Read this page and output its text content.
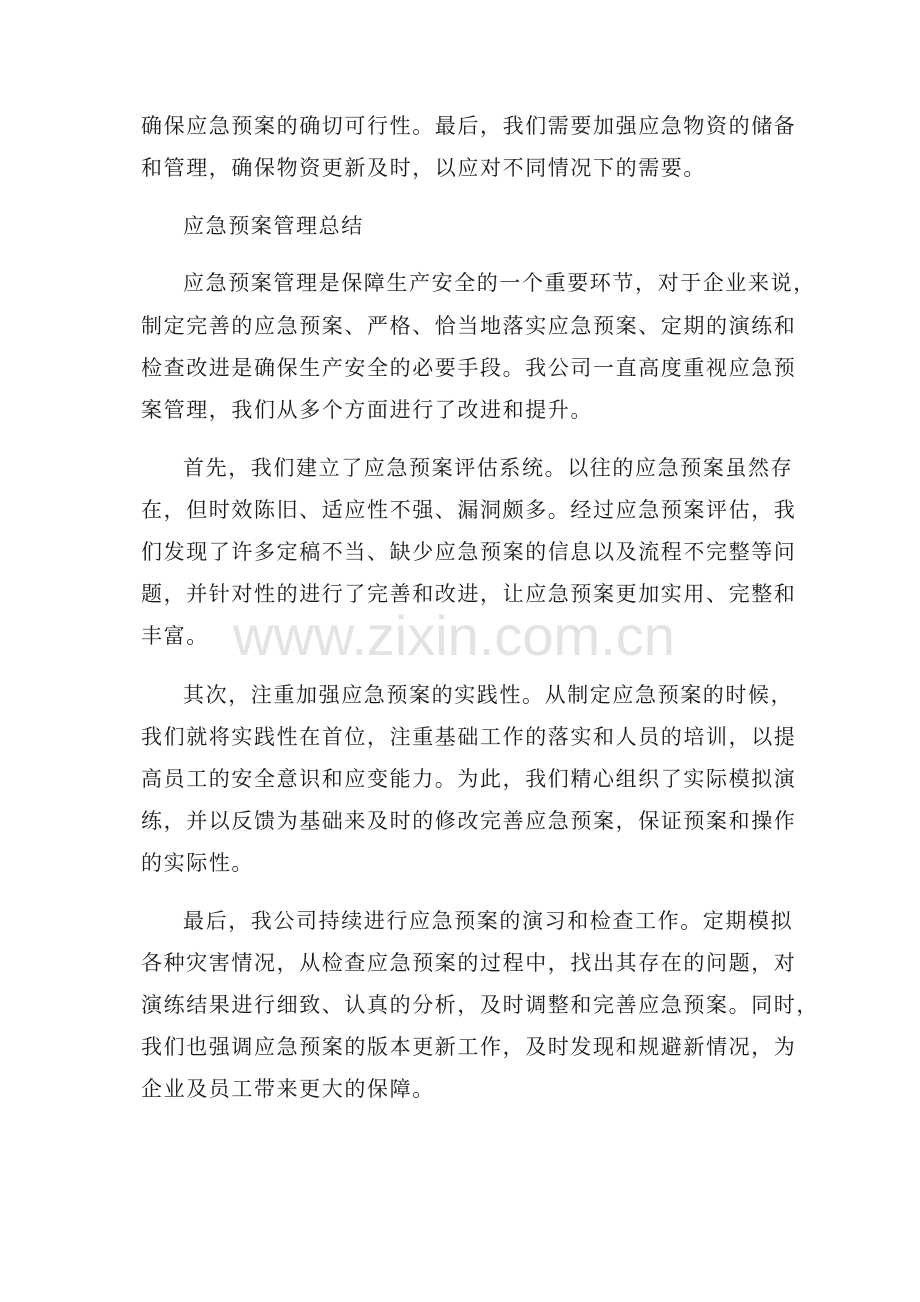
www.zixin.com.cn
确保应急预案的确切可行性。最后，我们需要加强应急物资的储备
和管理，确保物资更新及时，以应对不同情况下的需要。
应急预案管理总结
应急预案管理是保障生产安全的一个重要环节，对于企业来说，
制定完善的应急预案、严格、恰当地落实应急预案、定期的演练和
检查改进是确保生产安全的必要手段。我公司一直高度重视应急预
案管理，我们从多个方面进行了改进和提升。
首先，我们建立了应急预案评估系统。以往的应急预案虽然存
在，但时效陈旧、适应性不强、漏洞颇多。经过应急预案评估，我
们发现了许多定稿不当、缺少应急预案的信息以及流程不完整等问
题，并针对性的进行了完善和改进，让应急预案更加实用、完整和
丰富。
其次，注重加强应急预案的实践性。从制定应急预案的时候，
我们就将实践性在首位，注重基础工作的落实和人员的培训，以提
高员工的安全意识和应变能力。为此，我们精心组织了实际模拟演
练，并以反馈为基础来及时的修改完善应急预案，保证预案和操作
的实际性。
最后，我公司持续进行应急预案的演习和检查工作。定期模拟
各种灾害情况，从检查应急预案的过程中，找出其存在的问题，对
演练结果进行细致、认真的分析，及时调整和完善应急预案。同时，
我们也强调应急预案的版本更新工作，及时发现和规避新情况，为
企业及员工带来更大的保障。
